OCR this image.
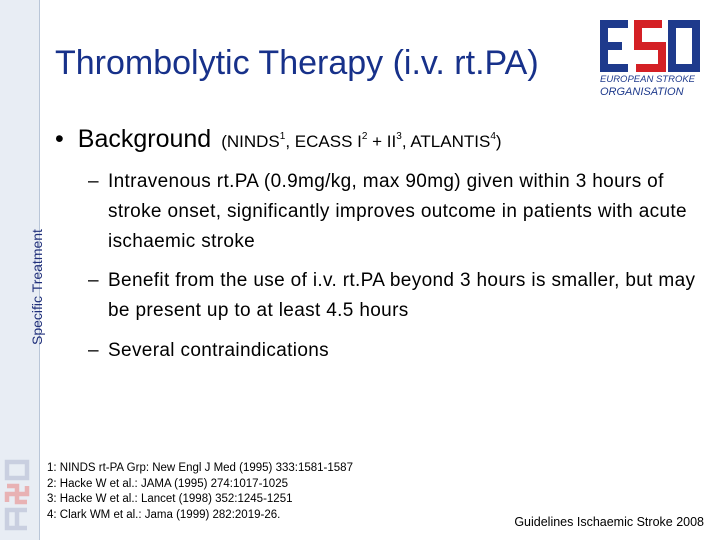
Specific Treatment
Thrombolytic Therapy (i.v. rt.PA)	EUROPEAN STROKE
ORGANISATION
• Background (NINDS$^1$, ECASS $I^2 + II^3$, ATLANTIS$^4$)
– Intravenous rt.PA (0.9mg/kg, max 90mg) given within 3 hours of stroke onset, significantly improves outcome in patients with acute ischaemic stroke
– Benefit from the use of i.v. rt.PA beyond 3 hours is smaller, but may be present up to at least 4.5 hours
– Several contraindications
1: NINDS rt-PA Grp: New Engl J Med (1995) 333:1581-1587
2: Hacke W et al.: JAMA (1995) 274:1017-1025
3: Hacke W et al.: Lancet (1998) 352:1245-1251
4: Clark WM et al.: Jama (1999) 282:2019-26.	Guidelines Ischaemic Stroke 2008
